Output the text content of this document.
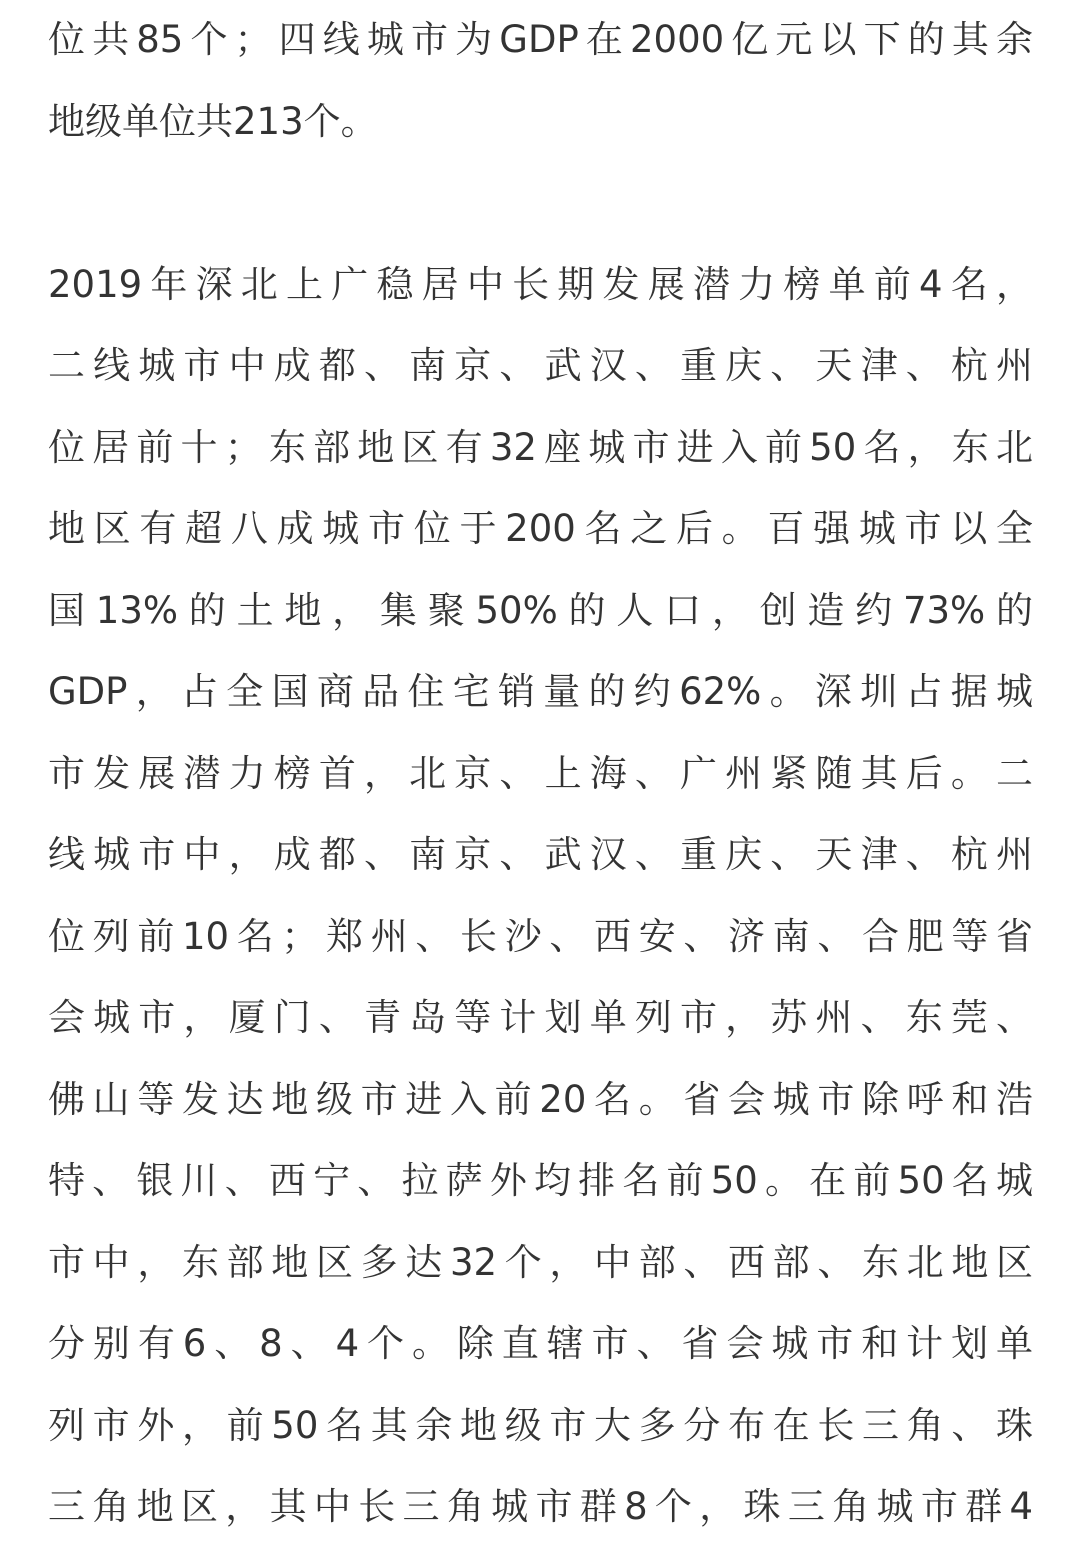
位共85个；四线城市为GDP在2000亿元以下的其余
地级单位共213个。
2019年深北上广稳居中长期发展潜力榜单前4名，
二线城市中成都、南京、武汉、重庆、天津、杭州
位居前十；东部地区有32座城市进入前50名，东北
地区有超八成城市位于200名之后。百强城市以全
国13%的土地，集聚50%的人口，创造约73%的
GDP，占全国商品住宅销量的约62%。深圳占据城
市发展潜力榜首，北京、上海、广州紧随其后。二
线城市中，成都、南京、武汉、重庆、天津、杭州
位列前10名；郑州、长沙、西安、济南、合肥等省
会城市，厦门、青岛等计划单列市，苏州、东莞、
佛山等发达地级市进入前20名。省会城市除呼和浩
特、银川、西宁、拉萨外均排名前50。在前50名城
市中，东部地区多达32个，中部、西部、东北地区
分别有6、8、4个。除直辖市、省会城市和计划单
列市外，前50名其余地级市大多分布在长三角、珠
三角地区，其中长三角城市群8个，珠三角城市群4
